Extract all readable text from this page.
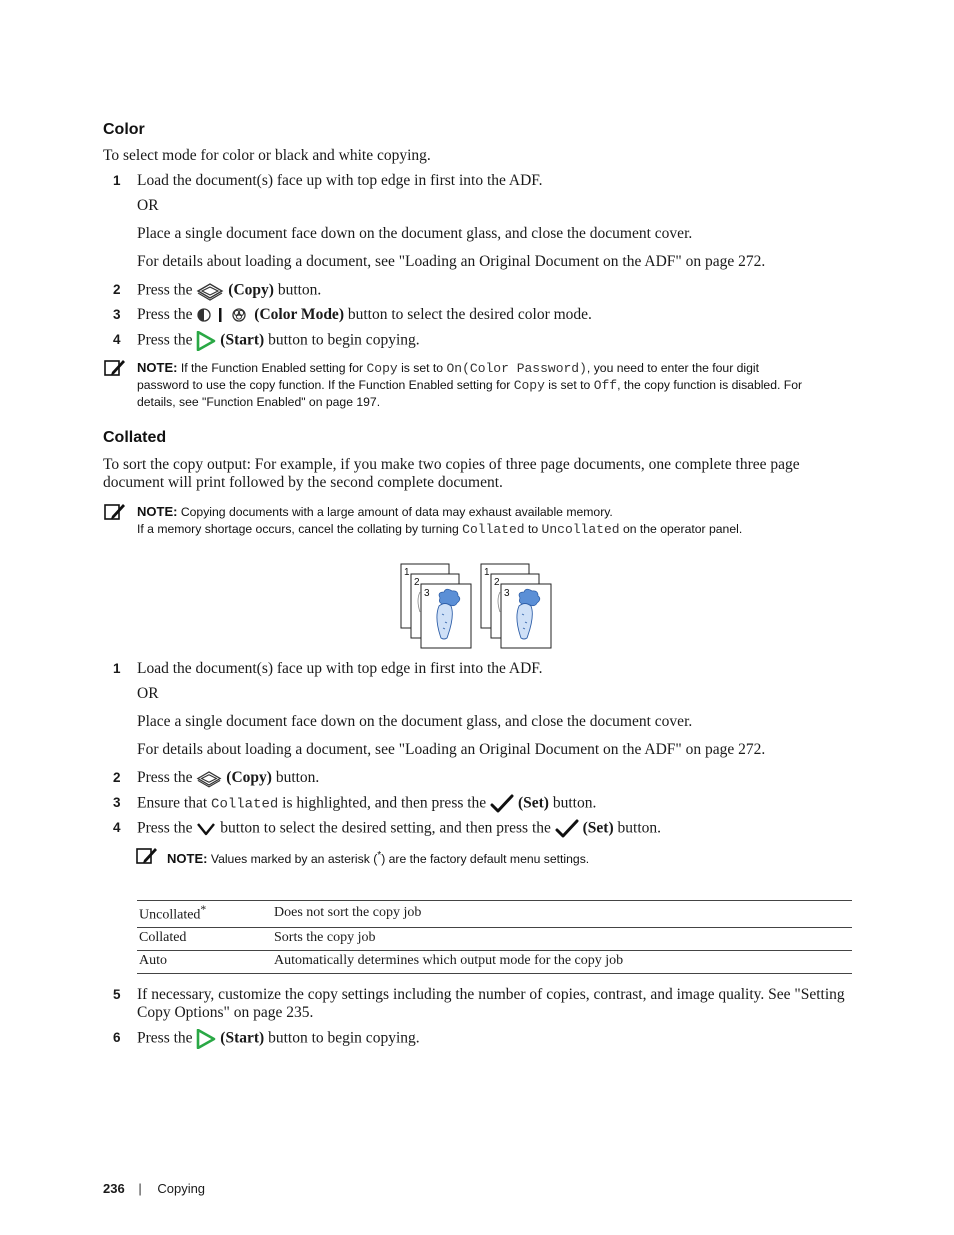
Color
To select mode for color or black and white copying.
1 Load the document(s) face up with top edge in first into the ADF.
OR
Place a single document face down on the document glass, and close the document cover.
For details about loading a document, see "Loading an Original Document on the ADF" on page 272.
2 Press the (Copy) button.
3 Press the	(Color Mode) button to select the desired color mode.
4 Press the (Start) button to begin copying.
NOTE: If the Function Enabled setting for Copy is set to On(Color Password), you need to enter the four digit
password to use the copy function. If the Function Enabled setting for Copy is set to Off, the copy function is disabled. For
details, see "Function Enabled" on page 197.
Collated
To sort the copy output: For example, if you make two copies of three page documents, one complete three page
document will print followed by the second complete document.
NOTE: Copying documents with a large amount of data may exhaust available memory.
If a memory shortage occurs, cancel the collating by turning Collated to Uncollated on the operator panel.
1
2
3
1
2
3
1 Load the document(s) face up with top edge in first into the ADF.
OR
Place a single document face down on the document glass, and close the document cover.
For details about loading a document, see "Loading an Original Document on the ADF" on page 272.
2 Press the (Copy) button.
3 Ensure that Collated is highlighted, and then press the (Set) button.
4 Press the button to select the desired setting, and then press the (Set) button.
NOTE: Values marked by an asterisk (*) are the factory default menu settings.
Uncollated*	Does not sort the copy job
Collated	Sorts the copy job
Auto	Automatically determines which output mode for the copy job
5 If necessary, customize the copy settings including the number of copies, contrast, and image quality. See "Setting
Copy Options" on page 235.
6 Press the (Start) button to begin copying.
236 | Copying
